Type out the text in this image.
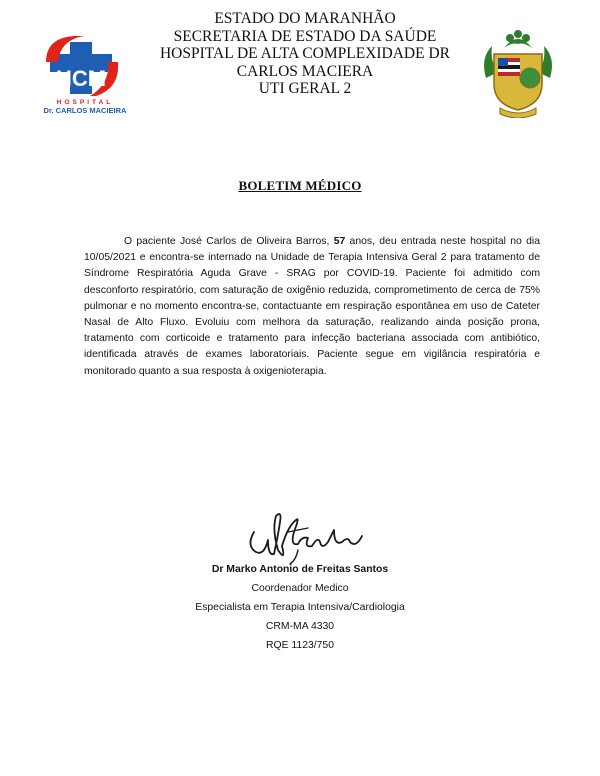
ESTADO DO MARANHÃO
SECRETARIA DE ESTADO DA SAÚDE
HOSPITAL DE ALTA COMPLEXIDADE DR
CARLOS MACIERA
UTI GERAL 2
HCM
HOSPITAL
Dr. CARLOS MACIEIRA
BOLETIM MÉDICO
O paciente José Carlos de Oliveira Barros, 57 anos, deu entrada neste hospital no dia 10/05/2021 e encontra-se internado na Unidade de Terapia Intensiva Geral 2 para tratamento de Síndrome Respiratória Aguda Grave - SRAG por COVID-19. Paciente foi admitido com desconforto respiratório, com saturação de oxigênio reduzida, comprometimento de cerca de 75% pulmonar e no momento encontra-se, contactuante em respiração espontânea em uso de Cateter Nasal de Alto Fluxo. Evoluiu com melhora da saturação, realizando ainda posição prona, tratamento com corticoide e tratamento para infecção bacteriana associada com antibiótico, identificada através de exames laboratoriais. Paciente segue em vigilância respiratória e monitorado quanto a sua resposta à oxigenioterapia.
Dr Marko Antonio de Freitas Santos
Coordenador Medico
Especialista em Terapia Intensiva/Cardiologia
CRM-MA 4330
RQE 1123/750
